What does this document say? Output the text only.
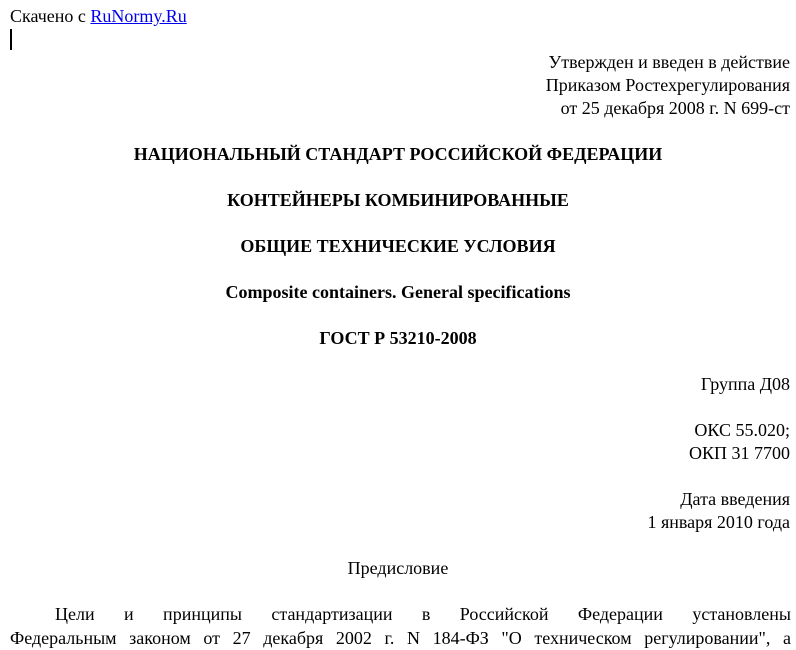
Скачено с RuNormy.Ru
Утвержден и введен в действие
Приказом Ростехрегулирования
от 25 декабря 2008 г. N 699-ст
НАЦИОНАЛЬНЫЙ СТАНДАРТ РОССИЙСКОЙ ФЕДЕРАЦИИ
КОНТЕЙНЕРЫ КОМБИНИРОВАННЫЕ
ОБЩИЕ ТЕХНИЧЕСКИЕ УСЛОВИЯ
Composite containers. General specifications
ГОСТ Р 53210-2008
Группа Д08
ОКС 55.020;
ОКП 31 7700
Дата введения
1 января 2010 года
Предисловие
Цели и принципы стандартизации в Российской Федерации установлены
Федеральным законом от 27 декабря 2002 г. N 184-ФЗ "О техническом регулировании", а
